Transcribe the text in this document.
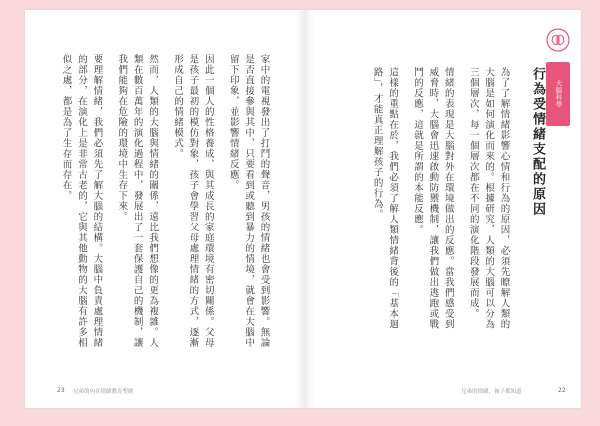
家中的電視發出了打鬥的聲音，男孩的情緒也會受到影響。無論是否直接參與其中，只要看到或聽到暴力的情境，就會在大腦中留下印象，並影響情緒反應。

因此一個人的性格養成，與其成長的家庭環境有密切關係。父母是孩子最初的模仿對象，孩子會學習父母處理情緒的方式，逐漸形成自己的情緒模式。

然而，人類的大腦與情緒的關係，遠比我們想像的更為複雜。人類在數百萬年的演化過程中，發展出了一套保護自己的機制，讓我們能夠在危險的環境中生存下來。

要理解情緒，我們必須先了解大腦的結構。大腦中負責處理情緒的部分，在演化上是非常古老的，它與其他動物的大腦有許多相似之處，都是為了生存而存在。	為了了解情緒影響心情和行為的原因，必須先瞭解人類的大腦是如何演化而來的。根據研究，人類的大腦可以分為三個層次，每一個層次都在不同的演化階段發展而成。

情緒的表現是大腦對外在環境做出的反應。當我們感受到威脅時，大腦會迅速啟動防禦機制，讓我們做出逃跑或戰鬥的反應，這就是所謂的本能反應。

這樣的重點在於，我們必須了解人類情緒背後的「基本迴路」，才能真正理解孩子的行為。	行為受情緒支配的原因	大腦科學
23 兄弟的內在情緒教育聖經	兄弟的情緒，孩子都知道	22
